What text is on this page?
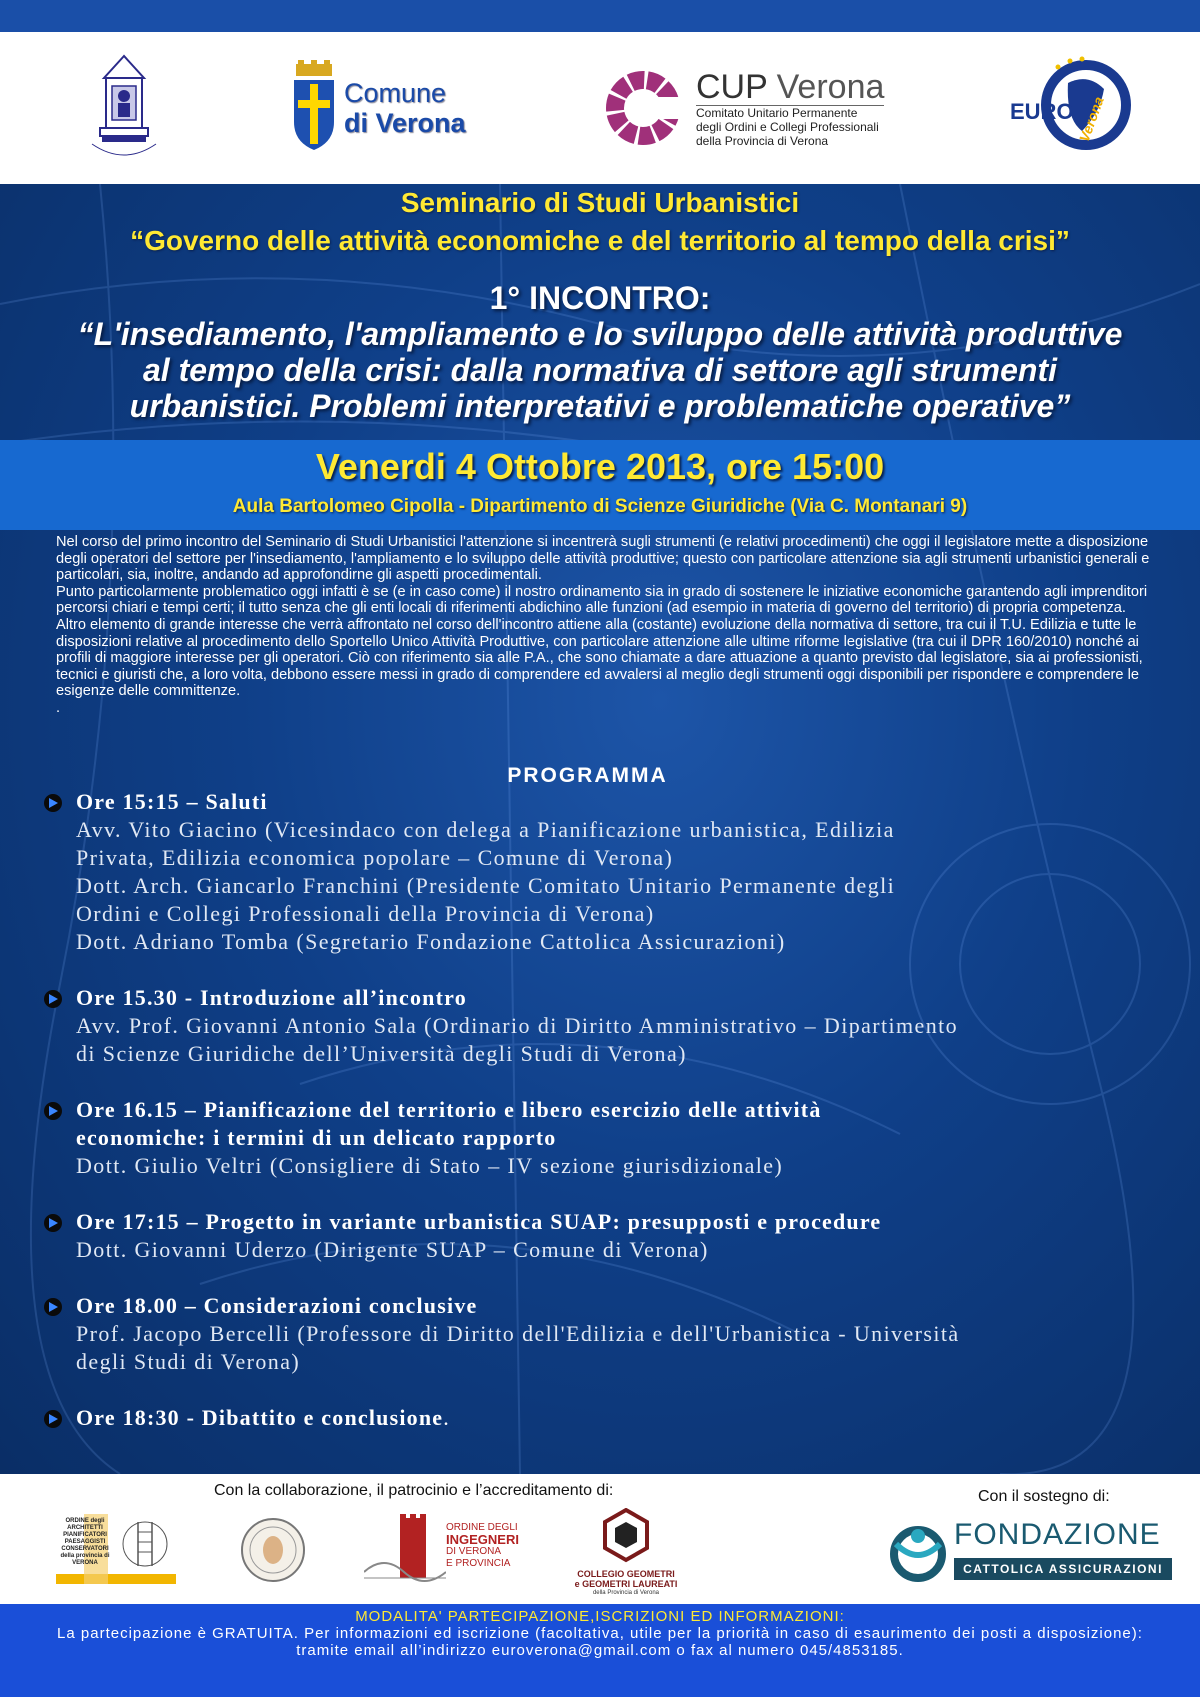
Comune
di Verona
CUP Verona
Comitato Unitario Permanente
degli Ordini e Collegi Professionali
della Provincia di Verona	Verona
EURO
Seminario di Studi Urbanistici
“Governo delle attività economiche e del territorio al tempo della crisi”
1° INCONTRO:
“L'insediamento, l'ampliamento e lo sviluppo delle attività produttive
al tempo della crisi: dalla normativa di settore agli strumenti
urbanistici. Problemi interpretativi e problematiche operative”
Venerdi 4 Ottobre 2013, ore 15:00
Aula Bartolomeo Cipolla - Dipartimento di Scienze Giuridiche (Via C. Montanari 9)

Nel corso del primo incontro del Seminario di Studi Urbanistici l'attenzione si incentrerà sugli strumenti (e relativi procedimenti) che oggi il legislatore mette a disposizione degli operatori del settore per l'insediamento, l'ampliamento e lo sviluppo delle attività produttive; questo con particolare attenzione sia agli strumenti urbanistici generali e particolari, sia, inoltre, andando ad approfondirne gli aspetti procedimentali.

Punto particolarmente problematico oggi infatti è se (e in caso come) il nostro ordinamento sia in grado di sostenere le iniziative economiche garantendo agli imprenditori percorsi chiari e tempi certi; il tutto senza che gli enti locali di riferimenti abdichino alle funzioni (ad esempio in materia di governo del territorio) di propria competenza.

Altro elemento di grande interesse che verrà affrontato nel corso dell'incontro attiene alla (costante) evoluzione della normativa di settore, tra cui il T.U. Edilizia e tutte le disposizioni relative al procedimento dello Sportello Unico Attività Produttive, con particolare attenzione alle ultime riforme legislative (tra cui il DPR 160/2010) nonché ai profili di maggiore interesse per gli operatori. Ciò con riferimento sia alle P.A., che sono chiamate a dare attuazione a quanto previsto dal legislatore, sia ai professionisti, tecnici e giuristi che, a loro volta, debbono essere messi in grado di comprendere ed avvalersi al meglio degli strumenti oggi disponibili per rispondere e comprendere le esigenze delle committenze.

.

PROGRAMMA
Ore 15:15 – Saluti
Avv. Vito Giacino (Vicesindaco con delega a Pianificazione urbanistica, Edilizia
Privata, Edilizia economica popolare – Comune di Verona)
Dott. Arch. Giancarlo Franchini (Presidente Comitato Unitario Permanente degli
Ordini e Collegi Professionali della Provincia di Verona)
Dott. Adriano Tomba (Segretario Fondazione Cattolica Assicurazioni)
Ore 15.30 - Introduzione all’incontro
Avv. Prof. Giovanni Antonio Sala (Ordinario di Diritto Amministrativo – Dipartimento
di Scienze Giuridiche dell’Università degli Studi di Verona)
Ore 16.15 – Pianificazione del territorio e libero esercizio delle attività
economiche: i termini di un delicato rapporto
Dott. Giulio Veltri (Consigliere di Stato – IV sezione giurisdizionale)
Ore 17:15 – Progetto in variante urbanistica SUAP: presupposti e procedure
Dott. Giovanni Uderzo (Dirigente SUAP – Comune di Verona)
Ore 18.00 – Considerazioni conclusive
Prof. Jacopo Bercelli (Professore di Diritto dell'Edilizia e dell'Urbanistica - Università
degli Studi di Verona)
Ore 18:30 - Dibattito e conclusione.
Con la collaborazione, il patrocinio e l’accreditamento di:	Con il sostegno di:
ORDINE degli ARCHITETTI PIANIFICATORI PAESAGGISTI CONSERVATORI della provincia di VERONA
ORDINE DEGLI
INGEGNERI
DI VERONA
E PROVINCIA
COLLEGIO GEOMETRI
e GEOMETRI LAUREATI
della Provincia di Verona
FONDAZIONE
CATTOLICA ASSICURAZIONI
MODALITA' PARTECIPAZIONE,ISCRIZIONI ED INFORMAZIONI:
La partecipazione è GRATUITA. Per informazioni ed iscrizione (facoltativa, utile per la priorità in caso di esaurimento dei posti a disposizione): tramite email all’indirizzo euroverona@gmail.com o fax al numero 045/4853185.
